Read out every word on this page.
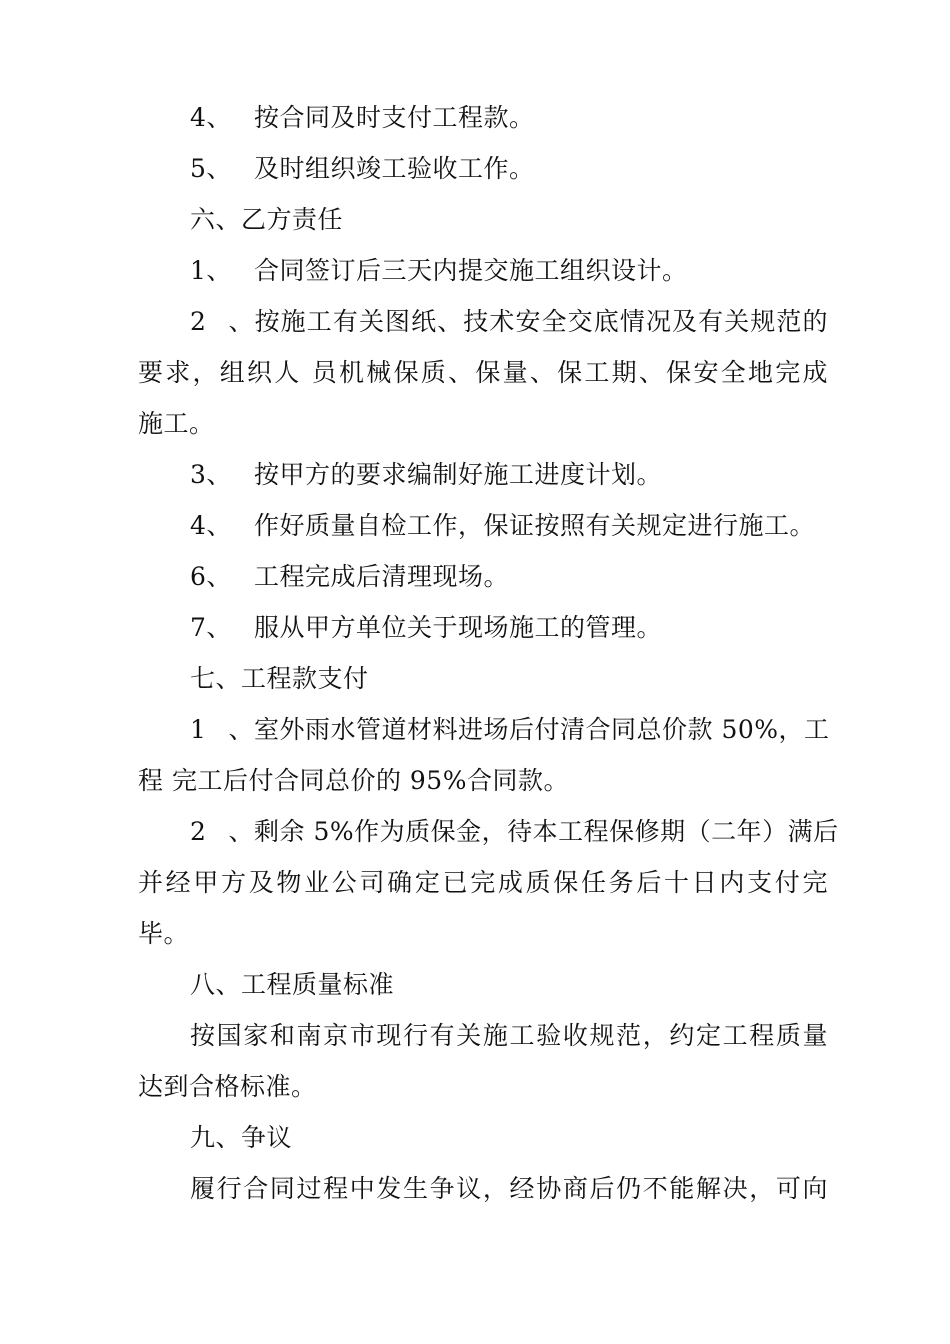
4、 按合同及时支付工程款。
5、 及时组织竣工验收工作。
六、乙方责任
1、 合同签订后三天内提交施工组织设计。
2、按施工有关图纸、技术安全交底情况及有关规范的
要求，组织人 员机械保质、保量、保工期、保安全地完成
施工。
3、 按甲方的要求编制好施工进度计划。
4、 作好质量自检工作，保证按照有关规定进行施工。
6、 工程完成后清理现场。
7、 服从甲方单位关于现场施工的管理。
七、工程款支付
1、室外雨水管道材料进场后付清合同总价款 50%，工
程 完工后付合同总价的 95%合同款。
2、剩余 5%作为质保金，待本工程保修期（二年）满后
并经甲方及物业公司确定已完成质保任务后十日内支付完
毕。
八、工程质量标准
按国家和南京市现行有关施工验收规范，约定工程质量
达到合格标准。
九、争议
履行合同过程中发生争议，经协商后仍不能解决，可向
